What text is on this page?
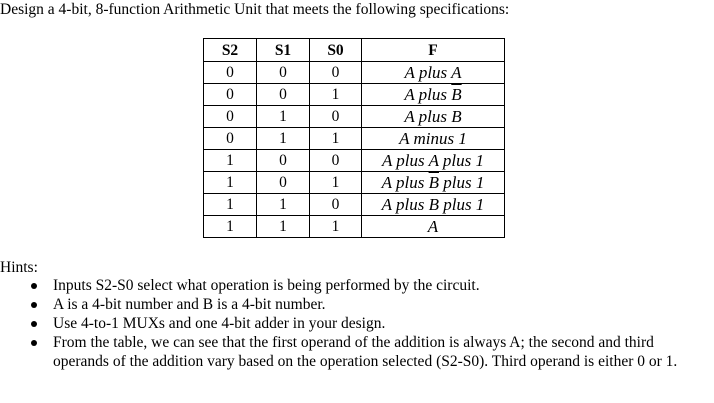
Design a 4-bit, 8-function Arithmetic Unit that meets the following specifications:
S2	S1	S0	F
0	0	0	A plus A
0	0	1	A plus $\overline{B}$
0	1	0	A plus B
0	1	1	A minus 1
1	0	0	A plus A plus 1
1	0	1	A plus $\overline{B}$ plus 1
1	1	0	A plus B plus 1
1	1	1	A
Hints:
Inputs S2-S0 select what operation is being performed by the circuit.
A is a 4-bit number and B is a 4-bit number.
Use 4-to-1 MUXs and one 4-bit adder in your design.
From the table, we can see that the first operand of the addition is always A; the second and third operands of the addition vary based on the operation selected (S2-S0). Third operand is either 0 or 1.
